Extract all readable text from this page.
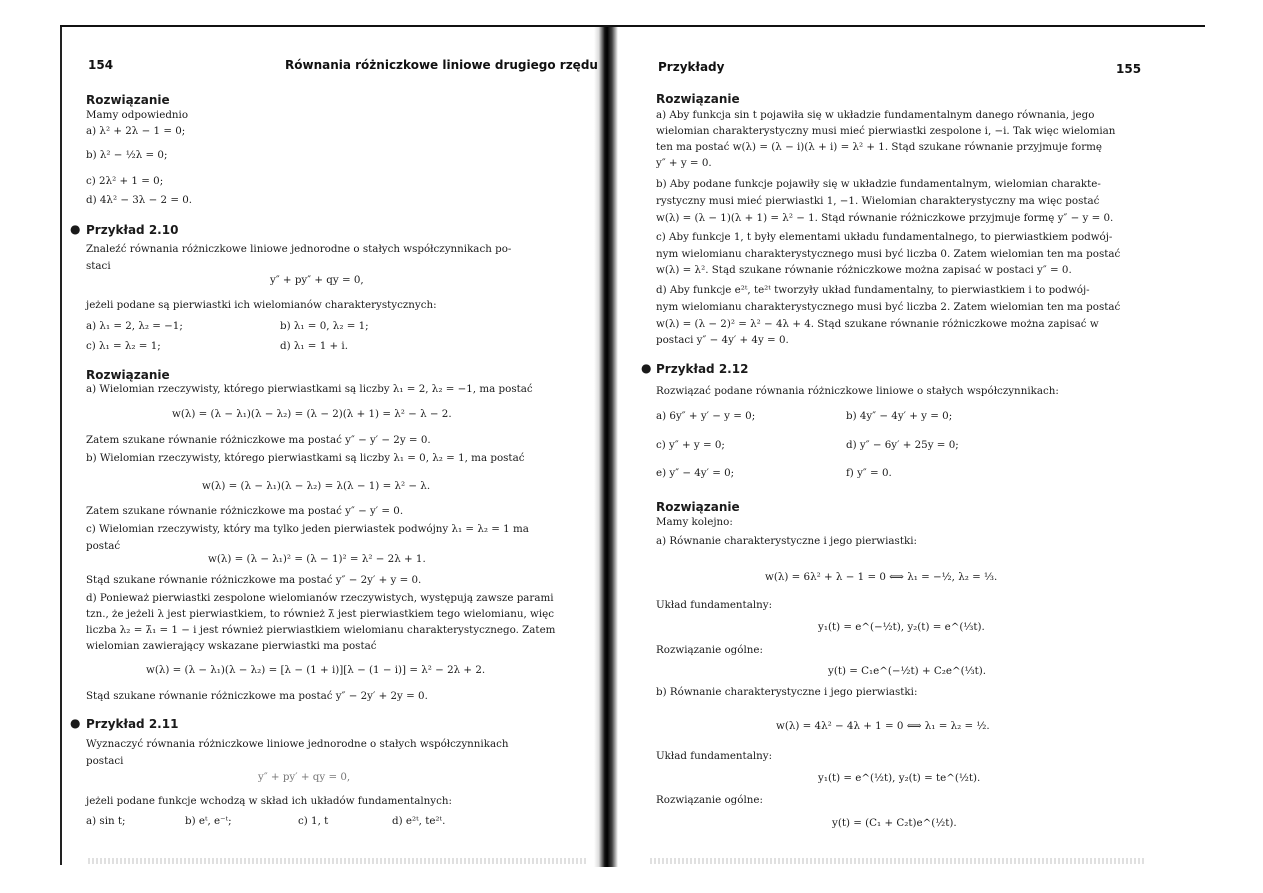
154	Równania różniczkowe liniowe drugiego rzędu
Rozwiązanie
Mamy odpowiednio
a) λ² + 2λ − 1 = 0;
b) λ² − ½λ = 0;
c) 2λ² + 1 = 0;
d) 4λ² − 3λ − 2 = 0.
● Przykład 2.10
Znaleźć równania różniczkowe liniowe jednorodne o stałych współczynnikach po-
staci
y″ + py″ + qy = 0,
jeżeli podane są pierwiastki ich wielomianów charakterystycznych:
a) λ₁ = 2, λ₂ = −1;	b) λ₁ = 0, λ₂ = 1;
c) λ₁ = λ₂ = 1;	d) λ₁ = 1 + i.
Rozwiązanie
a) Wielomian rzeczywisty, którego pierwiastkami są liczby λ₁ = 2, λ₂ = −1, ma postać
w(λ) = (λ − λ₁)(λ − λ₂) = (λ − 2)(λ + 1) = λ² − λ − 2.
Zatem szukane równanie różniczkowe ma postać y″ − y′ − 2y = 0.
b) Wielomian rzeczywisty, którego pierwiastkami są liczby λ₁ = 0, λ₂ = 1, ma postać
w(λ) = (λ − λ₁)(λ − λ₂) = λ(λ − 1) = λ² − λ.
Zatem szukane równanie różniczkowe ma postać y″ − y′ = 0.
c) Wielomian rzeczywisty, który ma tylko jeden pierwiastek podwójny λ₁ = λ₂ = 1 ma
postać
w(λ) = (λ − λ₁)² = (λ − 1)² = λ² − 2λ + 1.
Stąd szukane równanie różniczkowe ma postać y″ − 2y′ + y = 0.
d) Ponieważ pierwiastki zespolone wielomianów rzeczywistych, występują zawsze parami
tzn., że jeżeli λ jest pierwiastkiem, to również λ̄ jest pierwiastkiem tego wielomianu, więc
liczba λ₂ = λ̄₁ = 1 − i jest również pierwiastkiem wielomianu charakterystycznego. Zatem
wielomian zawierający wskazane pierwiastki ma postać
w(λ) = (λ − λ₁)(λ − λ₂) = [λ − (1 + i)][λ − (1 − i)] = λ² − 2λ + 2.
Stąd szukane równanie różniczkowe ma postać y″ − 2y′ + 2y = 0.
● Przykład 2.11
Wyznaczyć równania różniczkowe liniowe jednorodne o stałych współczynnikach
postaci
y″ + py′ + qy = 0,
jeżeli podane funkcje wchodzą w skład ich układów fundamentalnych:
a) sin t;	b) eᵗ, e⁻ᵗ;	c) 1, t	d) e²ᵗ, te²ᵗ.
Przykłady	155
Rozwiązanie
a) Aby funkcja sin t pojawiła się w układzie fundamentalnym danego równania, jego
wielomian charakterystyczny musi mieć pierwiastki zespolone i, −i. Tak więc wielomian
ten ma postać w(λ) = (λ − i)(λ + i) = λ² + 1. Stąd szukane równanie przyjmuje formę
y″ + y = 0.
b) Aby podane funkcje pojawiły się w układzie fundamentalnym, wielomian charakte-
rystyczny musi mieć pierwiastki 1, −1. Wielomian charakterystyczny ma więc postać
w(λ) = (λ − 1)(λ + 1) = λ² − 1. Stąd równanie różniczkowe przyjmuje formę y″ − y = 0.
c) Aby funkcje 1, t były elementami układu fundamentalnego, to pierwiastkiem podwój-
nym wielomianu charakterystycznego musi być liczba 0. Zatem wielomian ten ma postać
w(λ) = λ². Stąd szukane równanie różniczkowe można zapisać w postaci y″ = 0.
d) Aby funkcje e²ᵗ, te²ᵗ tworzyły układ fundamentalny, to pierwiastkiem i to podwój-
nym wielomianu charakterystycznego musi być liczba 2. Zatem wielomian ten ma postać
w(λ) = (λ − 2)² = λ² − 4λ + 4. Stąd szukane równanie różniczkowe można zapisać w
postaci y″ − 4y′ + 4y = 0.
● Przykład 2.12
Rozwiązać podane równania różniczkowe liniowe o stałych współczynnikach:
a) 6y″ + y′ − y = 0;	b) 4y″ − 4y′ + y = 0;
c) y″ + y = 0;	d) y″ − 6y′ + 25y = 0;
e) y″ − 4y′ = 0;	f) y″ = 0.
Rozwiązanie
Mamy kolejno:
a) Równanie charakterystyczne i jego pierwiastki:
w(λ) = 6λ² + λ − 1 = 0 ⟺ λ₁ = −½, λ₂ = ⅓.
Układ fundamentalny:
y₁(t) = e^(−½t), y₂(t) = e^(⅓t).
Rozwiązanie ogólne:
y(t) = C₁e^(−½t) + C₂e^(⅓t).
b) Równanie charakterystyczne i jego pierwiastki:
w(λ) = 4λ² − 4λ + 1 = 0 ⟺ λ₁ = λ₂ = ½.
Układ fundamentalny:
y₁(t) = e^(½t), y₂(t) = te^(½t).
Rozwiązanie ogólne:
y(t) = (C₁ + C₂t)e^(½t).
